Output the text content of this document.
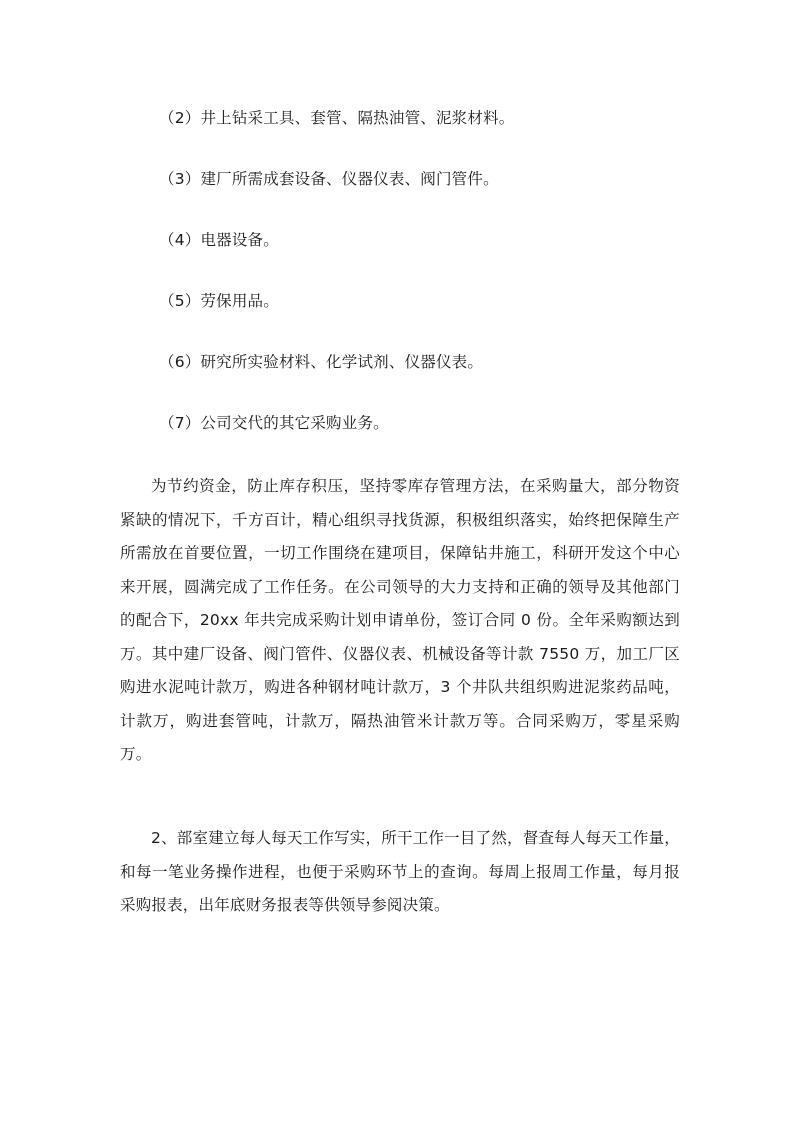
（2）井上钻采工具、套管、隔热油管、泥浆材料。
（3）建厂所需成套设备、仪器仪表、阀门管件。
（4）电器设备。
（5）劳保用品。
（6）研究所实验材料、化学试剂、仪器仪表。
（7）公司交代的其它采购业务。

为节约资金，防止库存积压，坚持零库存管理方法，在采购量大，部分物资紧缺的情况下，千方百计，精心组织寻找货源，积极组织落实，始终把保障生产所需放在首要位置，一切工作围绕在建项目，保障钻井施工，科研开发这个中心来开展，圆满完成了工作任务。在公司领导的大力支持和正确的领导及其他部门的配合下，20xx 年共完成采购计划申请单份，签订合同 0 份。全年采购额达到万。其中建厂设备、阀门管件、仪器仪表、机械设备等计款 7550 万，加工厂区购进水泥吨计款万，购进各种钢材吨计款万，3 个井队共组织购进泥浆药品吨，计款万，购进套管吨，计款万，隔热油管米计款万等。合同采购万，零星采购万。

2、部室建立每人每天工作写实，所干工作一目了然，督查每人每天工作量，和每一笔业务操作进程，也便于采购环节上的查询。每周上报周工作量，每月报采购报表，出年底财务报表等供领导参阅决策。
